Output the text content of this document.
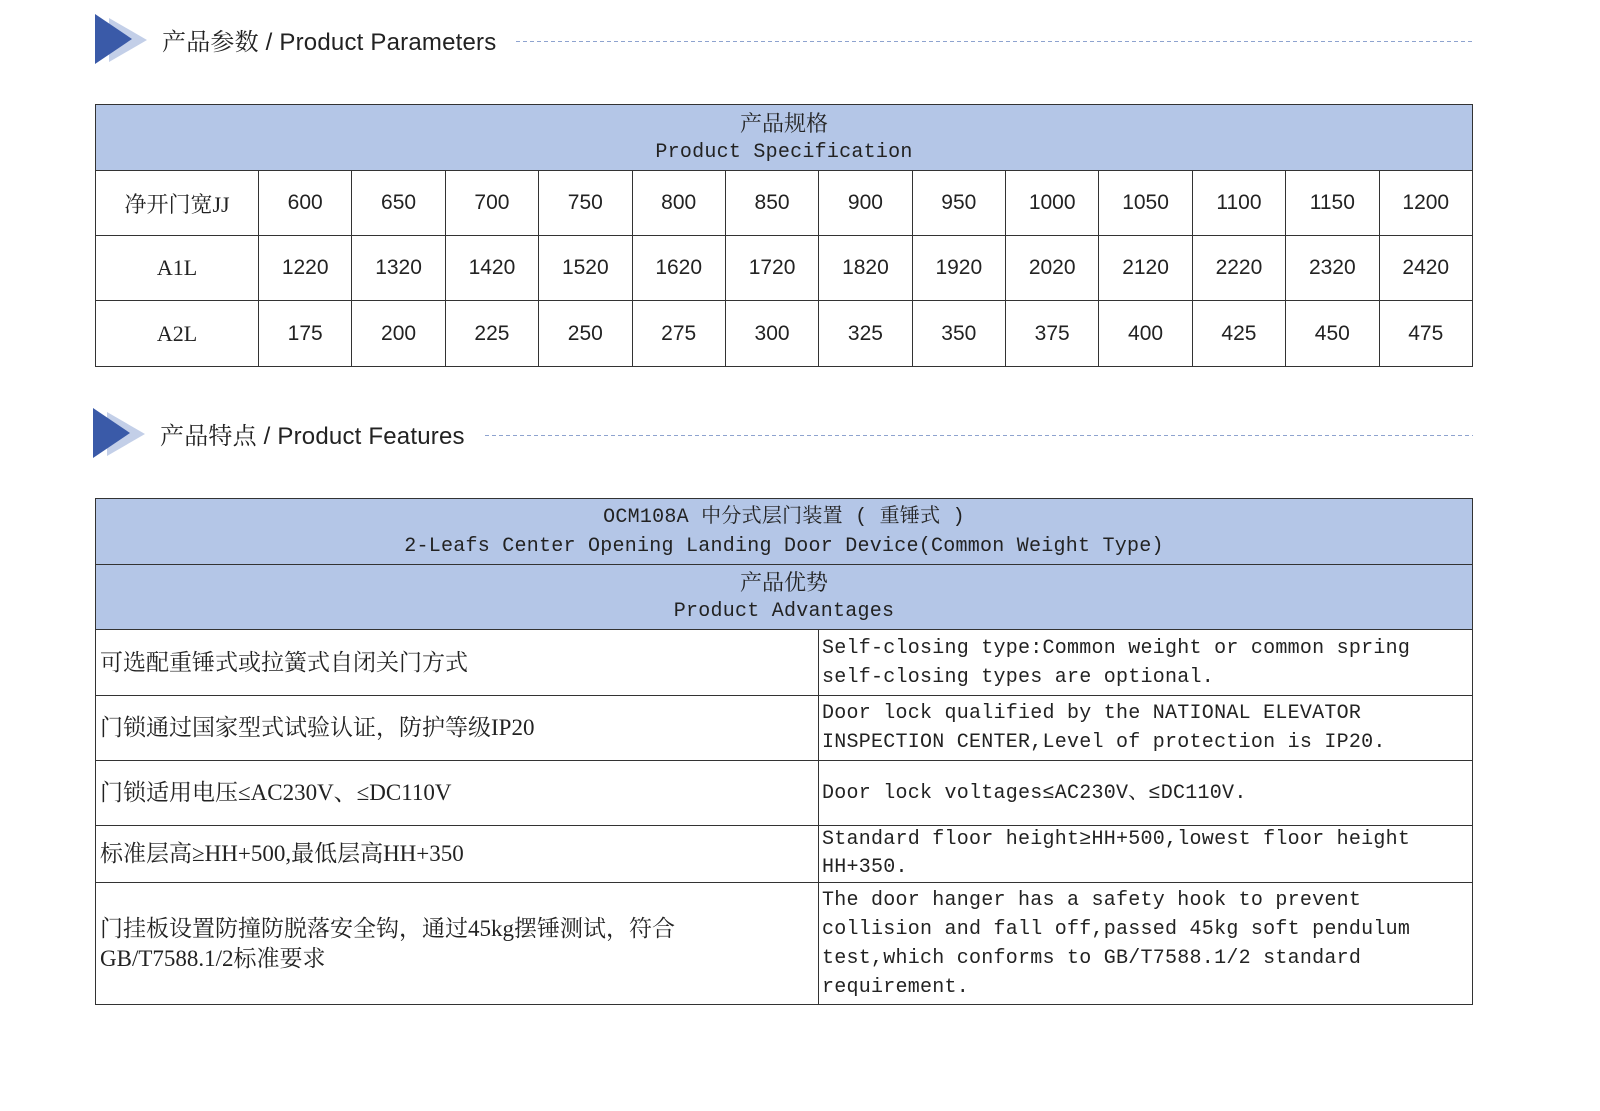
产品参数 / Product Parameters
产品规格
Product Specification													

净开门宽JJ	600	650	700	750	800	850	900	950	1000	1050	1100	1150	1200
A1L	1220	1320	1420	1520	1620	1720	1820	1920	2020	2120	2220	2320	2420
A2L	175	200	225	250	275	300	325	350	375	400	425	450	475
产品特点 / Product Features
OCM108A 中分式层门装置 ( 重锤式 )
2-Leafs Center Opening Landing Door Device(Common Weight Type)	

产品优势
Product Advantages	

可选配重锤式或拉簧式自闭关门方式	Self-closing type:Common weight or common spring self-closing types are optional.

门锁通过国家型式试验认证，防护等级IP20	Door lock qualified by the NATIONAL ELEVATOR INSPECTION CENTER,Level of protection is IP20.

门锁适用电压≤AC230V、≤DC110V	Door lock voltages≤AC230V、≤DC110V.

标准层高≥HH+500,最低层高HH+350	Standard floor height≥HH+500,lowest floor height HH+350.

门挂板设置防撞防脱落安全钩，通过45kg摆锤测试，符合GB/T7588.1/2标准要求	The door hanger has a safety hook to prevent collision and fall off,passed 45kg soft pendulum test,which conforms to GB/T7588.1/2 standard requirement.
